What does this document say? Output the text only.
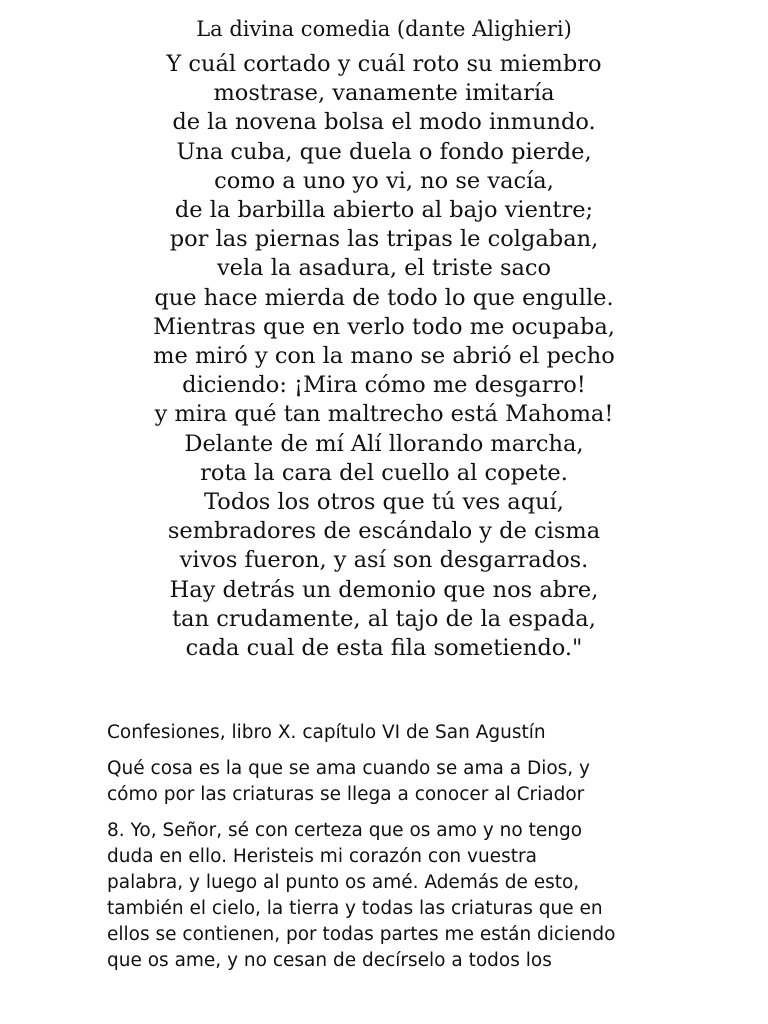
La divina comedia (dante Alighieri)
Y cuál cortado y cuál roto su miembro
mostrase, vanamente imitaría
de la novena bolsa el modo inmundo.
Una cuba, que duela o fondo pierde,
como a uno yo vi, no se vacía,
de la barbilla abierto al bajo vientre;
por las piernas las tripas le colgaban,
vela la asadura, el triste saco
que hace mierda de todo lo que engulle.
Mientras que en verlo todo me ocupaba,
me miró y con la mano se abrió el pecho
diciendo: ¡Mira cómo me desgarro!
y mira qué tan maltrecho está Mahoma!
Delante de mí Alí llorando marcha,
rota la cara del cuello al copete.
Todos los otros que tú ves aquí,
sembradores de escándalo y de cisma
vivos fueron, y así son desgarrados.
Hay detrás un demonio que nos abre,
tan crudamente, al tajo de la espada,
cada cual de esta fila sometiendo."
Confesiones, libro X. capítulo VI de San Agustín

Qué cosa es la que se ama cuando se ama a Dios, y
cómo por las criaturas se llega a conocer al Criador

8. Yo, Señor, sé con certeza que os amo y no tengo
duda en ello. Heristeis mi corazón con vuestra
palabra, y luego al punto os amé. Además de esto,
también el cielo, la tierra y todas las criaturas que en
ellos se contienen, por todas partes me están diciendo
que os ame, y no cesan de decírselo a todos los
